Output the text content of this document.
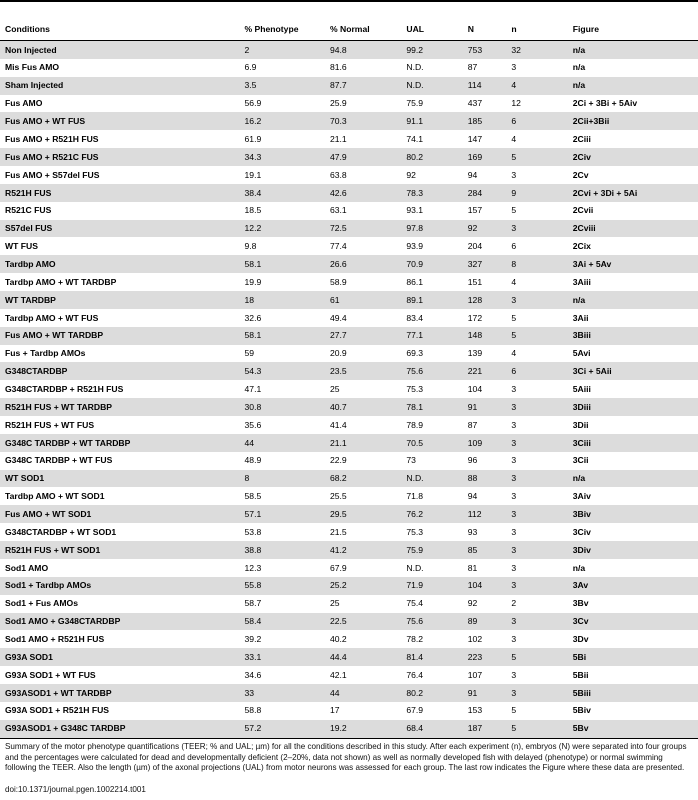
Conditions	% Phenotype	% Normal	UAL	N	n	Figure
Non Injected	2	94.8	99.2	753	32	n/a
Mis Fus AMO	6.9	81.6	N.D.	87	3	n/a
Sham Injected	3.5	87.7	N.D.	114	4	n/a
Fus AMO	56.9	25.9	75.9	437	12	2Ci + 3Bi + 5Aiv
Fus AMO + WT FUS	16.2	70.3	91.1	185	6	2Cii+3Bii
Fus AMO + R521H FUS	61.9	21.1	74.1	147	4	2Ciii
Fus AMO + R521C FUS	34.3	47.9	80.2	169	5	2Civ
Fus AMO + S57del FUS	19.1	63.8	92	94	3	2Cv
R521H FUS	38.4	42.6	78.3	284	9	2Cvi + 3Di + 5Ai
R521C FUS	18.5	63.1	93.1	157	5	2Cvii
S57del FUS	12.2	72.5	97.8	92	3	2Cviii
WT FUS	9.8	77.4	93.9	204	6	2Cix
Tardbp AMO	58.1	26.6	70.9	327	8	3Ai + 5Av
Tardbp AMO + WT TARDBP	19.9	58.9	86.1	151	4	3Aiii
WT TARDBP	18	61	89.1	128	3	n/a
Tardbp AMO + WT FUS	32.6	49.4	83.4	172	5	3Aii
Fus AMO + WT TARDBP	58.1	27.7	77.1	148	5	3Biii
Fus + Tardbp AMOs	59	20.9	69.3	139	4	5Avi
G348CTARDBP	54.3	23.5	75.6	221	6	3Ci + 5Aii
G348CTARDBP + R521H FUS	47.1	25	75.3	104	3	5Aiii
R521H FUS + WT TARDBP	30.8	40.7	78.1	91	3	3Diii
R521H FUS + WT FUS	35.6	41.4	78.9	87	3	3Dii
G348C TARDBP + WT TARDBP	44	21.1	70.5	109	3	3Ciii
G348C TARDBP + WT FUS	48.9	22.9	73	96	3	3Cii
WT SOD1	8	68.2	N.D.	88	3	n/a
Tardbp AMO + WT SOD1	58.5	25.5	71.8	94	3	3Aiv
Fus AMO + WT SOD1	57.1	29.5	76.2	112	3	3Biv
G348CTARDBP + WT SOD1	53.8	21.5	75.3	93	3	3Civ
R521H FUS + WT SOD1	38.8	41.2	75.9	85	3	3Div
Sod1 AMO	12.3	67.9	N.D.	81	3	n/a
Sod1 + Tardbp AMOs	55.8	25.2	71.9	104	3	3Av
Sod1 + Fus AMOs	58.7	25	75.4	92	2	3Bv
Sod1 AMO + G348CTARDBP	58.4	22.5	75.6	89	3	3Cv
Sod1 AMO + R521H FUS	39.2	40.2	78.2	102	3	3Dv
G93A SOD1	33.1	44.4	81.4	223	5	5Bi
G93A SOD1 + WT FUS	34.6	42.1	76.4	107	3	5Bii
G93ASOD1 + WT TARDBP	33	44	80.2	91	3	5Biii
G93A SOD1 + R521H FUS	58.8	17	67.9	153	5	5Biv
G93ASOD1 + G348C TARDBP	57.2	19.2	68.4	187	5	5Bv
Summary of the motor phenotype quantifications (TEER; % and UAL; µm) for all the conditions described in this study. After each experiment (n), embryos (N) were separated into four groups and the percentages were calculated for dead and developmentally deficient (2–20%, data not shown) as well as normally developed fish with delayed (phenotype) or normal swimming following the TEER. Also the length (µm) of the axonal projections (UAL) from motor neurons was assessed for each group. The last row indicates the Figure where these data are presented.
doi:10.1371/journal.pgen.1002214.t001
